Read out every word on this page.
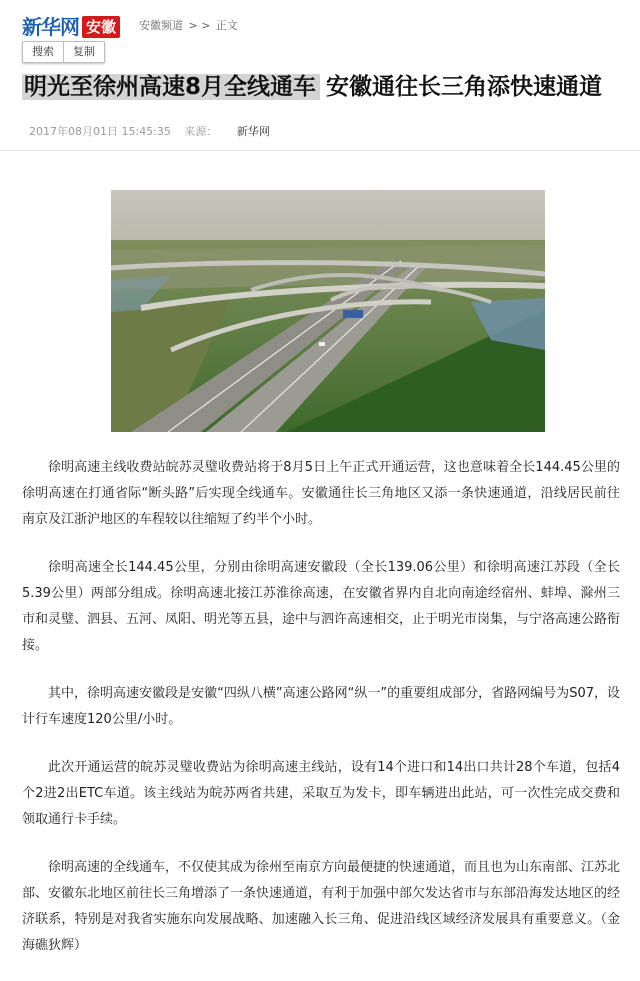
新华网 安徽	安徽频道 > > 正文
搜索	复制
明光至徐州高速8月全线通车 安徽通往长三角添快速通道
2017年08月01日 15:45:35 来源： 新华网

徐明高速主线收费站皖苏灵璧收费站将于8月5日上午正式开通运营，这也意味着全长144.45公里的徐明高速在打通省际“断头路”后实现全线通车。安徽通往长三角地区又添一条快速通道，沿线居民前往南京及江浙沪地区的车程较以往缩短了约半个小时。

徐明高速全长144.45公里，分别由徐明高速安徽段（全长139.06公里）和徐明高速江苏段（全长5.39公里）两部分组成。徐明高速北接江苏淮徐高速，在安徽省界内自北向南途经宿州、蚌埠、滁州三市和灵璧、泗县、五河、凤阳、明光等五县，途中与泗许高速相交，止于明光市岗集，与宁洛高速公路衔接。

其中，徐明高速安徽段是安徽“四纵八横”高速公路网“纵一”的重要组成部分，省路网编号为S07，设计行车速度120公里/小时。

此次开通运营的皖苏灵璧收费站为徐明高速主线站，设有14个进口和14出口共计28个车道，包括4个2进2出ETC车道。该主线站为皖苏两省共建，采取互为发卡，即车辆进出此站，可一次性完成交费和领取通行卡手续。

徐明高速的全线通车，不仅使其成为徐州至南京方向最便捷的快速通道，而且也为山东南部、江苏北部、安徽东北地区前往长三角增添了一条快速通道，有利于加强中部欠发达省市与东部沿海发达地区的经济联系，特别是对我省实施东向发展战略、加速融入长三角、促进沿线区域经济发展具有重要意义。（金海礁狄辉）
